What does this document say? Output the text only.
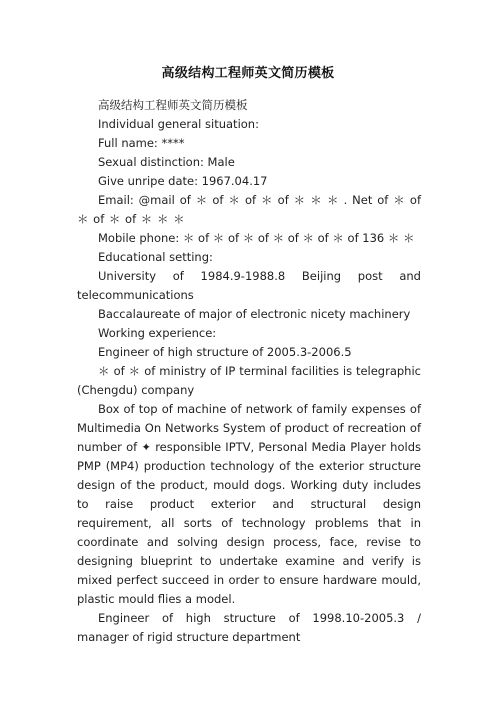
高级结构工程师英文简历模板

高级结构工程师英文简历模板

Individual general situation:

Full name: ****

Sexual distinction: Male

Give unripe date: 1967.04.17

Email: @mail of ＊ of ＊ of ＊ of ＊ ＊ ＊ . Net of ＊ of ＊ of ＊ of ＊ ＊ ＊

Mobile phone: ＊ of ＊ of ＊ of ＊ of ＊ of ＊ of 136 ＊ ＊

Educational setting:

University of 1984.9-1988.8 Beijing post and telecommunications

Baccalaureate of major of electronic nicety machinery

Working experience:

Engineer of high structure of 2005.3-2006.5

＊ of ＊ of ministry of IP terminal facilities is telegraphic (Chengdu) company

Box of top of machine of network of family expenses of Multimedia On Networks System of product of recreation of number of ✦ responsible IPTV, Personal Media Player holds PMP (MP4) production technology of the exterior structure design of the product, mould dogs. Working duty includes to raise product exterior and structural design requirement, all sorts of technology problems that in coordinate and solving design process, face, revise to designing blueprint to undertake examine and verify is mixed perfect succeed in order to ensure hardware mould, plastic mould flies a model.

Engineer of high structure of 1998.10-2005.3 / manager of rigid structure department
